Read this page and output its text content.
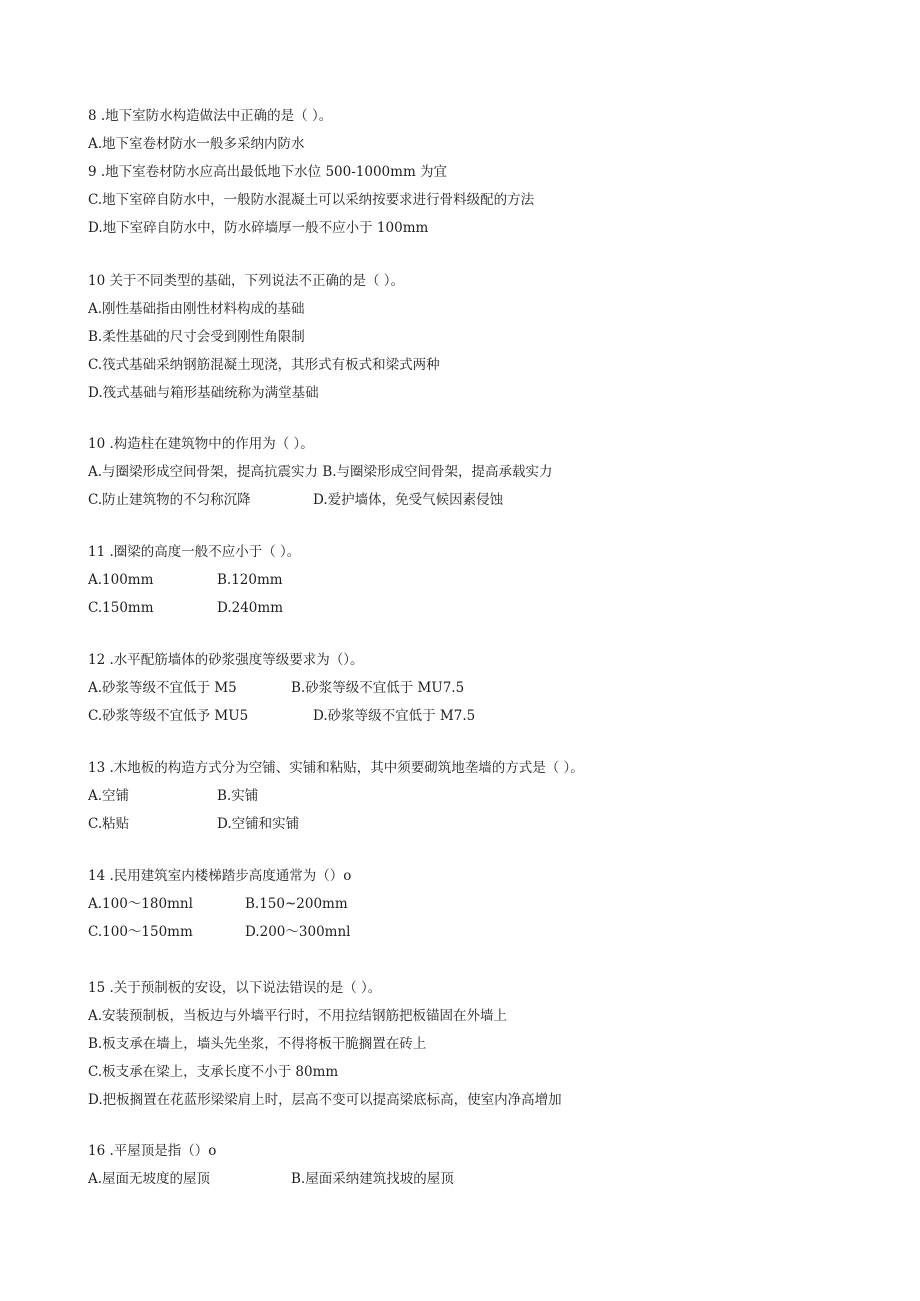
8 .地下室防水构造做法中正确的是（ ）。
A.地下室卷材防水一般多采纳内防水
9 .地下室卷材防水应高出最低地下水位 500-1000mm 为宜
C.地下室碎自防水中，一般防水混凝土可以采纳按要求进行骨料级配的方法
D.地下室碎自防水中，防水碎墙厚一般不应小于 100mm
10 关于不同类型的基础，下列说法不正确的是（ ）。
A.刚性基础指由刚性材料构成的基础
B.柔性基础的尺寸会受到刚性角限制
C.筏式基础采纳钢筋混凝土现浇，其形式有板式和梁式两种
D.筏式基础与箱形基础统称为满堂基础
10 .构造柱在建筑物中的作用为（ ）。
A.与圈梁形成空间骨架，提高抗震实力 B.与圈梁形成空间骨架，提高承载实力
C.防止建筑物的不匀称沉降	D.爱护墙体，免受气候因素侵蚀
11 .圈梁的高度一般不应小于（ ）。
A.100mm	B.120mm
C.150mm	D.240mm
12 .水平配筋墙体的砂浆强度等级要求为（）。
A.砂浆等级不宜低于 M5	B.砂浆等级不宜低于 MU7.5
C.砂浆等级不宜低予 MU5	D.砂浆等级不宜低于 M7.5
13 .木地板的构造方式分为空铺、实铺和粘贴，其中须要砌筑地垄墙的方式是（ ）。
A.空铺	B.实铺
C.粘贴	D.空铺和实铺
14 .民用建筑室内楼梯踏步高度通常为（）o
A.100～180mnl	B.150~200mm
C.100～150mm	D.200～300mnl
15 .关于预制板的安设，以下说法错误的是（ ）。
A.安装预制板，当板边与外墙平行时，不用拉结钢筋把板锚固在外墙上
B.板支承在墙上，墙头先坐浆，不得将板干脆搁置在砖上
C.板支承在梁上，支承长度不小于 80mm
D.把板搁置在花蓝形梁梁肩上时，层高不变可以提高梁底标高，使室内净高增加
16 .平屋顶是指（）o
A.屋面无坡度的屋顶	B.屋面采纳建筑找坡的屋顶
